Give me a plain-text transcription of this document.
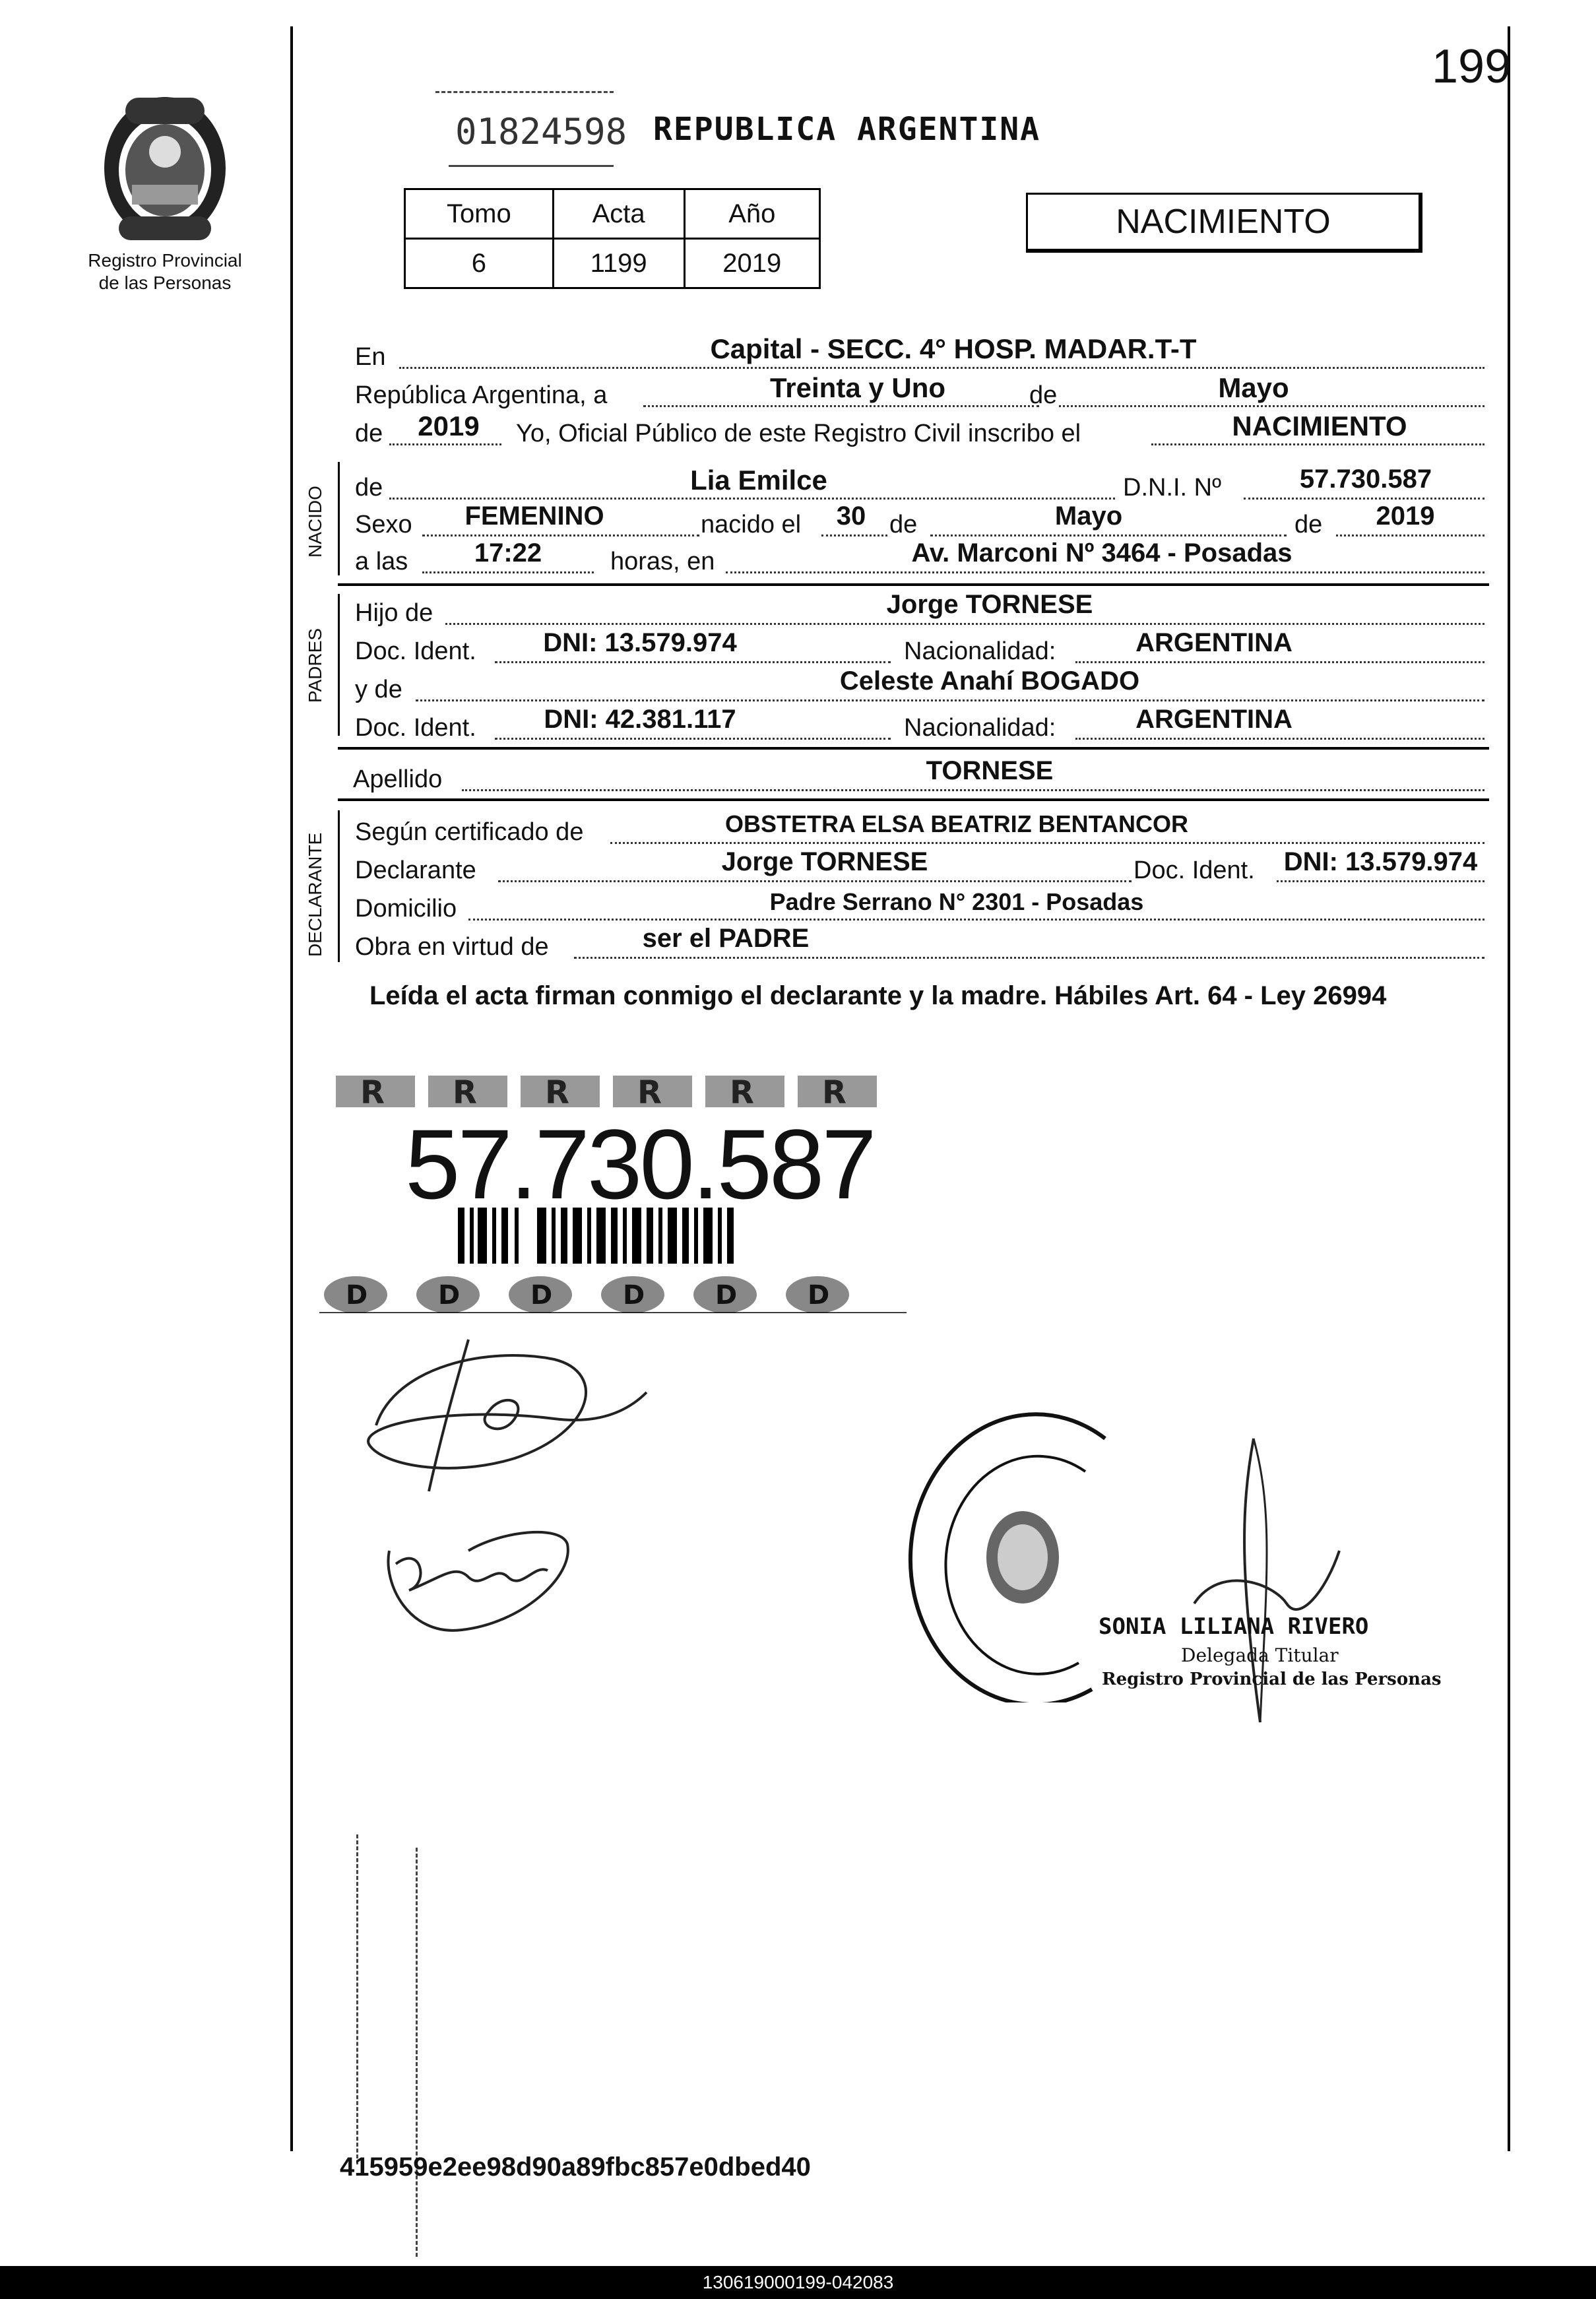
199
Registro Provincial
de las Personas
01824598 REPUBLICA ARGENTINA
Tomo	Acta	Año
6	1199	2019
NACIMIENTO
En	Capital - SECC. 4° HOSP. MADAR.T-T
República Argentina, a	Treinta y Uno	de	Mayo
de	2019	Yo, Oficial Público de este Registro Civil inscribo el	NACIMIENTO
NACIDO de	Lia Emilce	D.N.I. Nº	57.730.587
Sexo	FEMENINO	nacido el	30 de	Mayo	de	2019
a las	17:22	horas, en	Av. Marconi Nº 3464 - Posadas
PADRES
Hijo de	Jorge TORNESE
Doc. Ident.	DNI: 13.579.974	Nacionalidad:	ARGENTINA
y de	Celeste Anahí BOGADO
Doc. Ident.	DNI: 42.381.117	Nacionalidad:	ARGENTINA
Apellido	TORNESE
DECLARANTE
Según certificado de	OBSTETRA ELSA BEATRIZ BENTANCOR
Declarante	Jorge TORNESE	Doc. Ident. DNI: 13.579.974
Domicilio	Padre Serrano N° 2301 - Posadas
Obra en virtud de	ser el PADRE
Leída el acta firman conmigo el declarante y la madre. Hábiles Art. 64 - Ley 26994
R R R R R R
D	D	D	D	D	D
57.730.587
SONIA LILIANA RIVERO
Delegada Titular
Registro Provincial de las Personas
415959e2ee98d90a89fbc857e0dbed40
130619000199-042083
